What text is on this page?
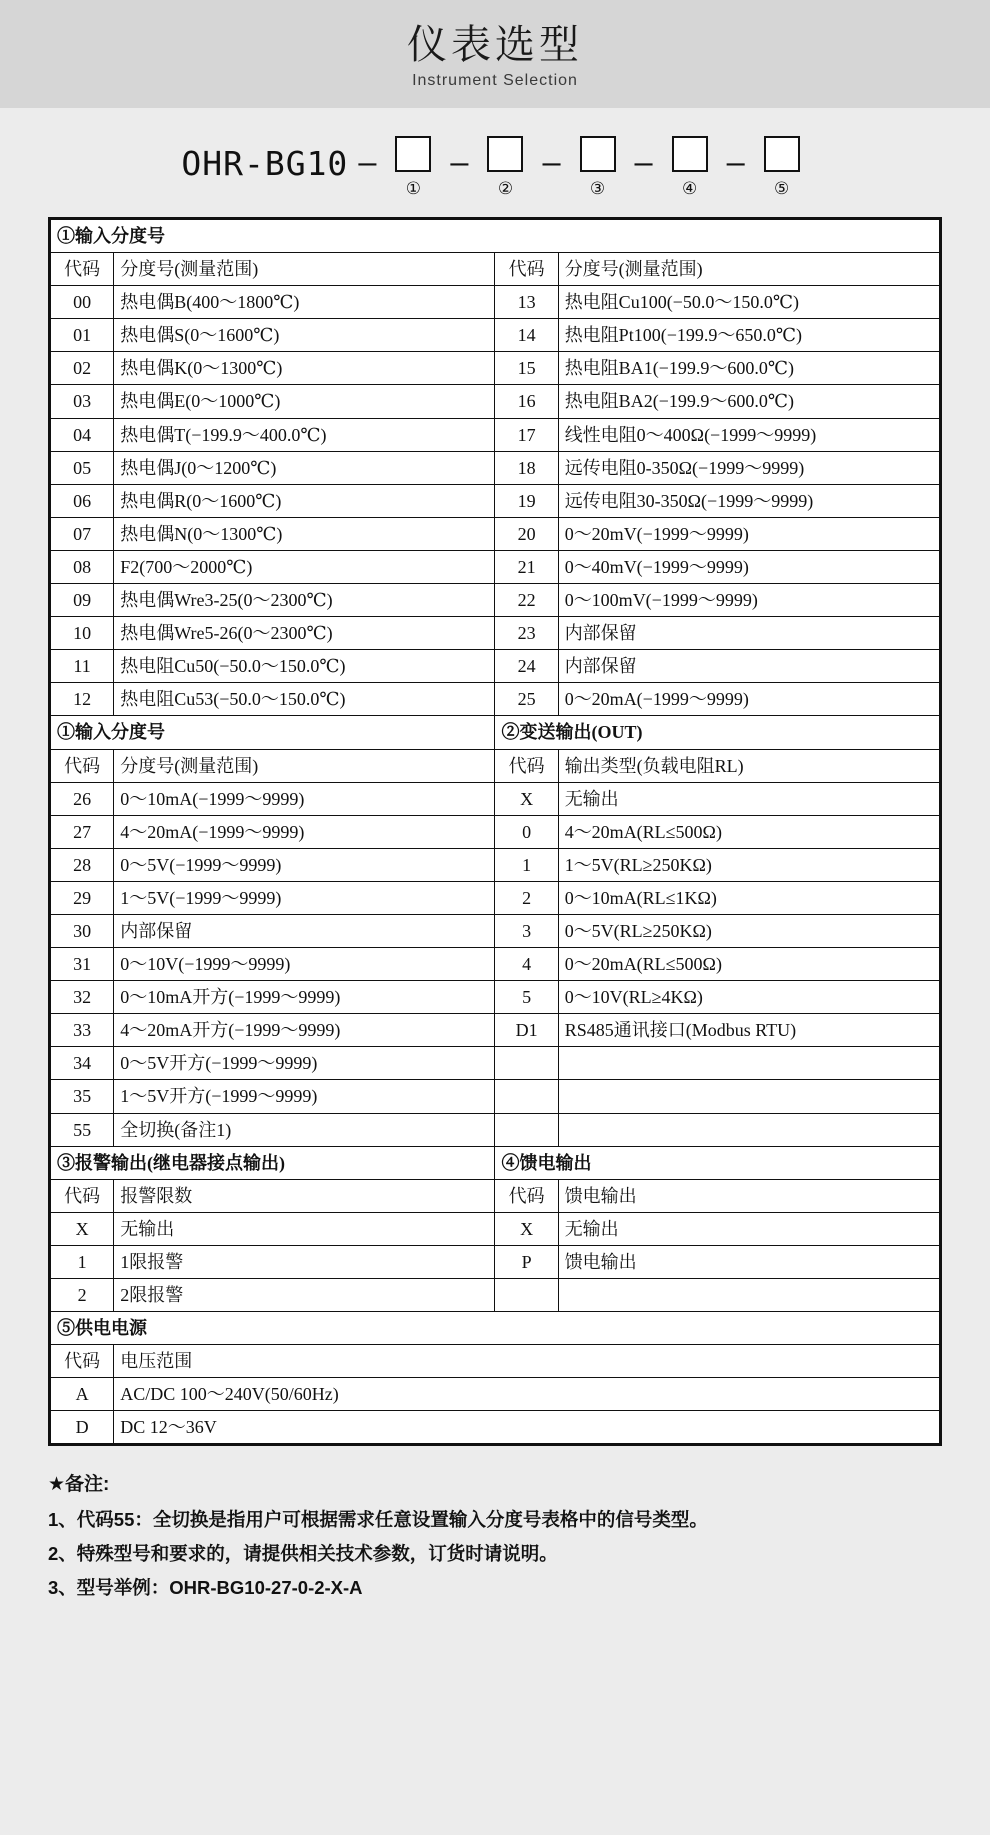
仪表选型
Instrument Selection
OHR-BG10 –
①
–
②
–
③
–
④
–
⑤
①输入分度号			
代码	分度号(测量范围)	代码	分度号(测量范围)
00	热电偶B(400～1800℃)	13	热电阻Cu100(−50.0～150.0℃)
01	热电偶S(0～1600℃)	14	热电阻Pt100(−199.9～650.0℃)
02	热电偶K(0～1300℃)	15	热电阻BA1(−199.9～600.0℃)
03	热电偶E(0～1000℃)	16	热电阻BA2(−199.9～600.0℃)
04	热电偶T(−199.9～400.0℃)	17	线性电阻0～400Ω(−1999～9999)
05	热电偶J(0～1200℃)	18	远传电阻0-350Ω(−1999～9999)
06	热电偶R(0～1600℃)	19	远传电阻30-350Ω(−1999～9999)
07	热电偶N(0～1300℃)	20	0～20mV(−1999～9999)
08	F2(700～2000℃)	21	0～40mV(−1999～9999)
09	热电偶Wre3-25(0～2300℃)	22	0～100mV(−1999～9999)
10	热电偶Wre5-26(0～2300℃)	23	内部保留
11	热电阻Cu50(−50.0～150.0℃)	24	内部保留
12	热电阻Cu53(−50.0～150.0℃)	25	0～20mA(−1999～9999)
①输入分度号		②变送输出(OUT)	
代码	分度号(测量范围)	代码	输出类型(负载电阻RL)
26	0～10mA(−1999～9999)	X	无输出
27	4～20mA(−1999～9999)	0	4～20mA(RL≤500Ω)
28	0～5V(−1999～9999)	1	1～5V(RL≥250KΩ)
29	1～5V(−1999～9999)	2	0～10mA(RL≤1KΩ)
30	内部保留	3	0～5V(RL≥250KΩ)
31	0～10V(−1999～9999)	4	0～20mA(RL≤500Ω)
32	0～10mA开方(−1999～9999)	5	0～10V(RL≥4KΩ)
33	4～20mA开方(−1999～9999)	D1	RS485通讯接口(Modbus RTU)
34	0～5V开方(−1999～9999)		
35	1～5V开方(−1999～9999)		
55	全切换(备注1)		
③报警输出(继电器接点输出)		④馈电输出	
代码	报警限数	代码	馈电输出
X	无输出	X	无输出
1	1限报警	P	馈电输出
2	2限报警		
⑤供电电源			
代码	电压范围		
A	AC/DC 100～240V(50/60Hz)		
D	DC 12～36V		

★备注:

1、代码55：全切换是指用户可根据需求任意设置输入分度号表格中的信号类型。

2、特殊型号和要求的，请提供相关技术参数，订货时请说明。

3、型号举例：OHR-BG10-27-0-2-X-A
